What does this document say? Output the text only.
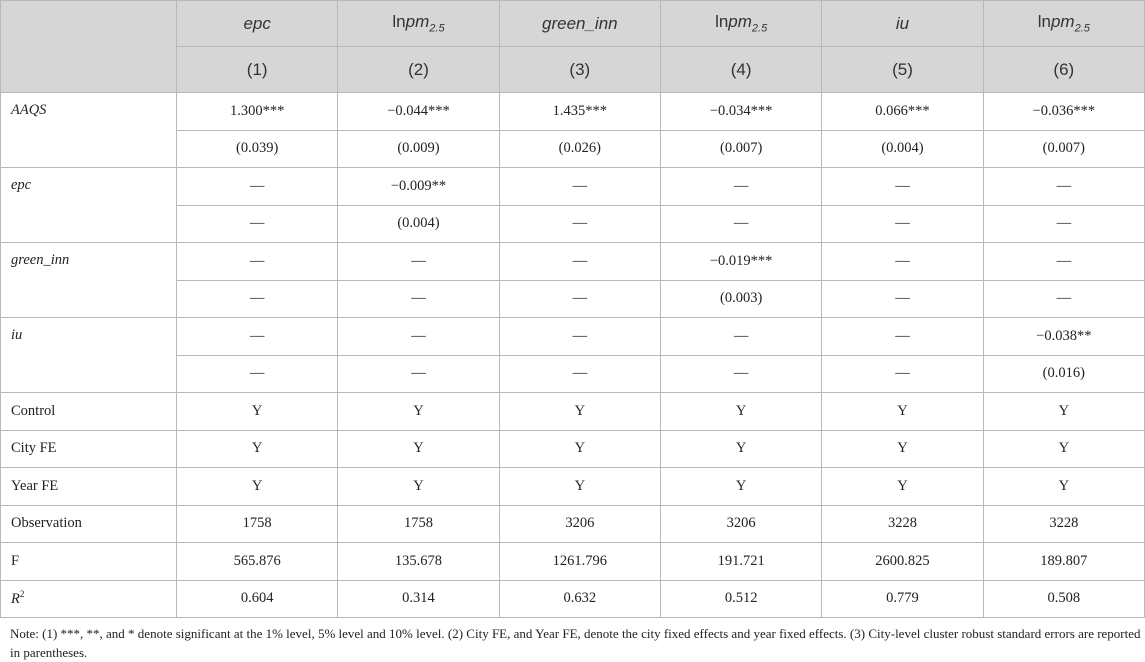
	epc	lnpm$_{2.5}$	green_inn	lnpm$_{2.5}$	iu	lnpm$_{2.5}$
	(1)	(2)	(3)	(4)	(5)	(6)
AAQS	1.300***	−0.044***	1.435***	−0.034***	0.066***	−0.036***
	(0.039)	(0.009)	(0.026)	(0.007)	(0.004)	(0.007)
epc	—	−0.009**	—	—	—	—
	—	(0.004)	—	—	—	—
green_inn	—	—	—	−0.019***	—	—
	—	—	—	(0.003)	—	—
iu	—	—	—	—	—	−0.038**
	—	—	—	—	—	(0.016)
Control	Y	Y	Y	Y	Y	Y
City FE	Y	Y	Y	Y	Y	Y
Year FE	Y	Y	Y	Y	Y	Y
Observation	1758	1758	3206	3206	3228	3228
F	565.876	135.678	1261.796	191.721	2600.825	189.807
$R^2$	0.604	0.314	0.632	0.512	0.779	0.508
Note: (1) ***, **, and * denote significant at the 1% level, 5% level and 10% level. (2) City FE, and Year FE, denote the city fixed effects and year fixed effects. (3) City-level cluster robust standard errors are reported in parentheses.
